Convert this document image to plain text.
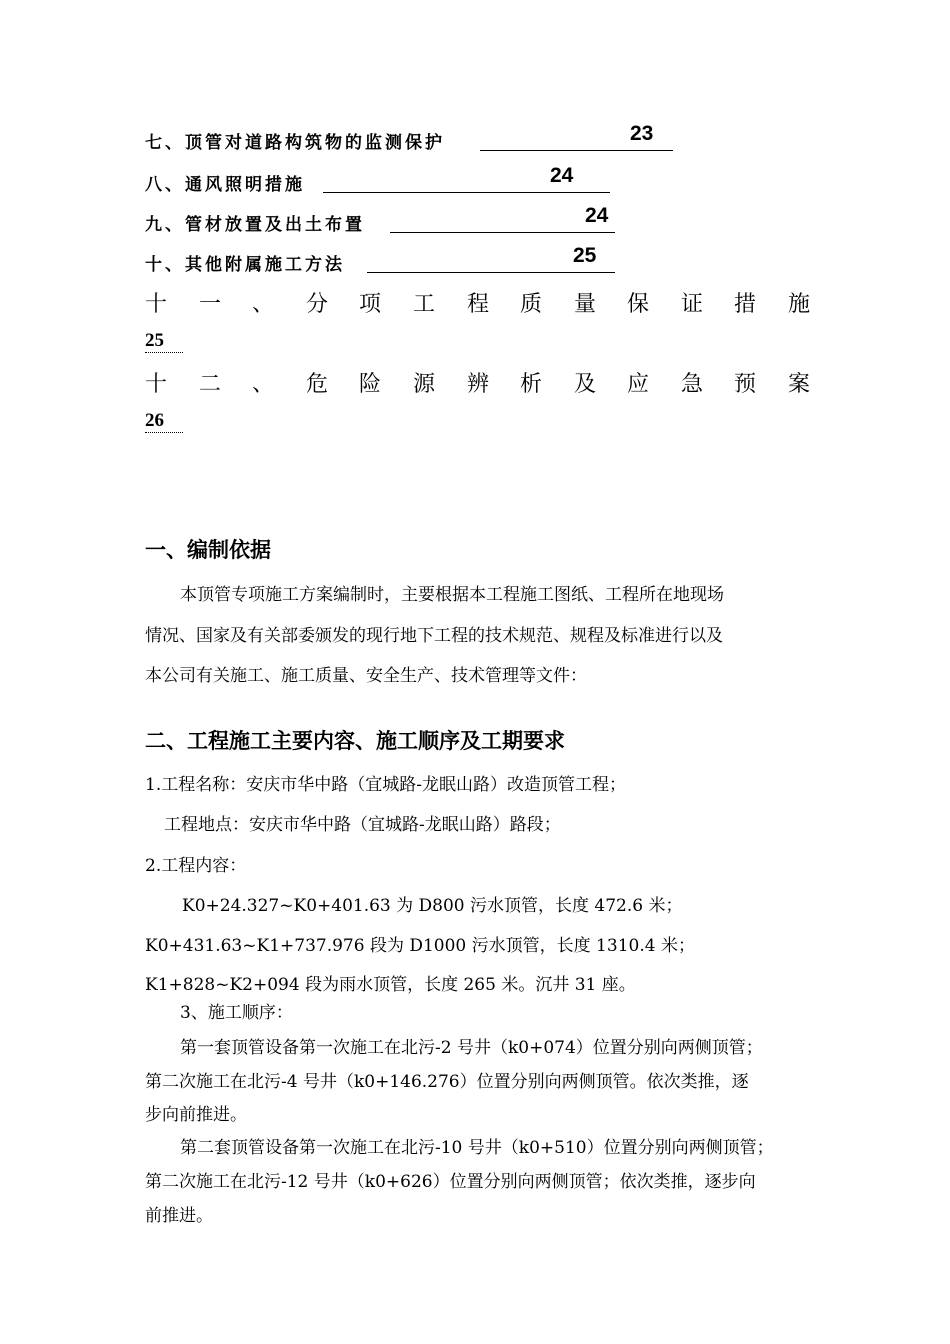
七、顶管对道路构筑物的监测保护	23
八、通风照明措施	24
九、管材放置及出土布置	24
十、其他附属施工方法	25
十 一 、 分 项 工 程 质 量 保 证 措 施
25
十 二 、 危 险 源 辨 析 及 应 急 预 案
26
一、编制依据
本顶管专项施工方案编制时，主要根据本工程施工图纸、工程所在地现场
情况、国家及有关部委颁发的现行地下工程的技术规范、规程及标准进行以及
本公司有关施工、施工质量、安全生产、技术管理等文件：
二、工程施工主要内容、施工顺序及工期要求
1.工程名称：安庆市华中路（宜城路-龙眠山路）改造顶管工程；
工程地点：安庆市华中路（宜城路-龙眠山路）路段；
2.工程内容：
K0+24.327~K0+401.63 为 D800 污水顶管，长度 472.6 米；
K0+431.63~K1+737.976 段为 D1000 污水顶管，长度 1310.4 米；
K1+828~K2+094 段为雨水顶管，长度 265 米。沉井 31 座。
3、施工顺序：
第一套顶管设备第一次施工在北污-2 号井（k0+074）位置分别向两侧顶管；
第二次施工在北污-4 号井（k0+146.276）位置分别向两侧顶管。依次类推，逐
步向前推进。
第二套顶管设备第一次施工在北污-10 号井（k0+510）位置分别向两侧顶管；
第二次施工在北污-12 号井（k0+626）位置分别向两侧顶管；依次类推，逐步向
前推进。
